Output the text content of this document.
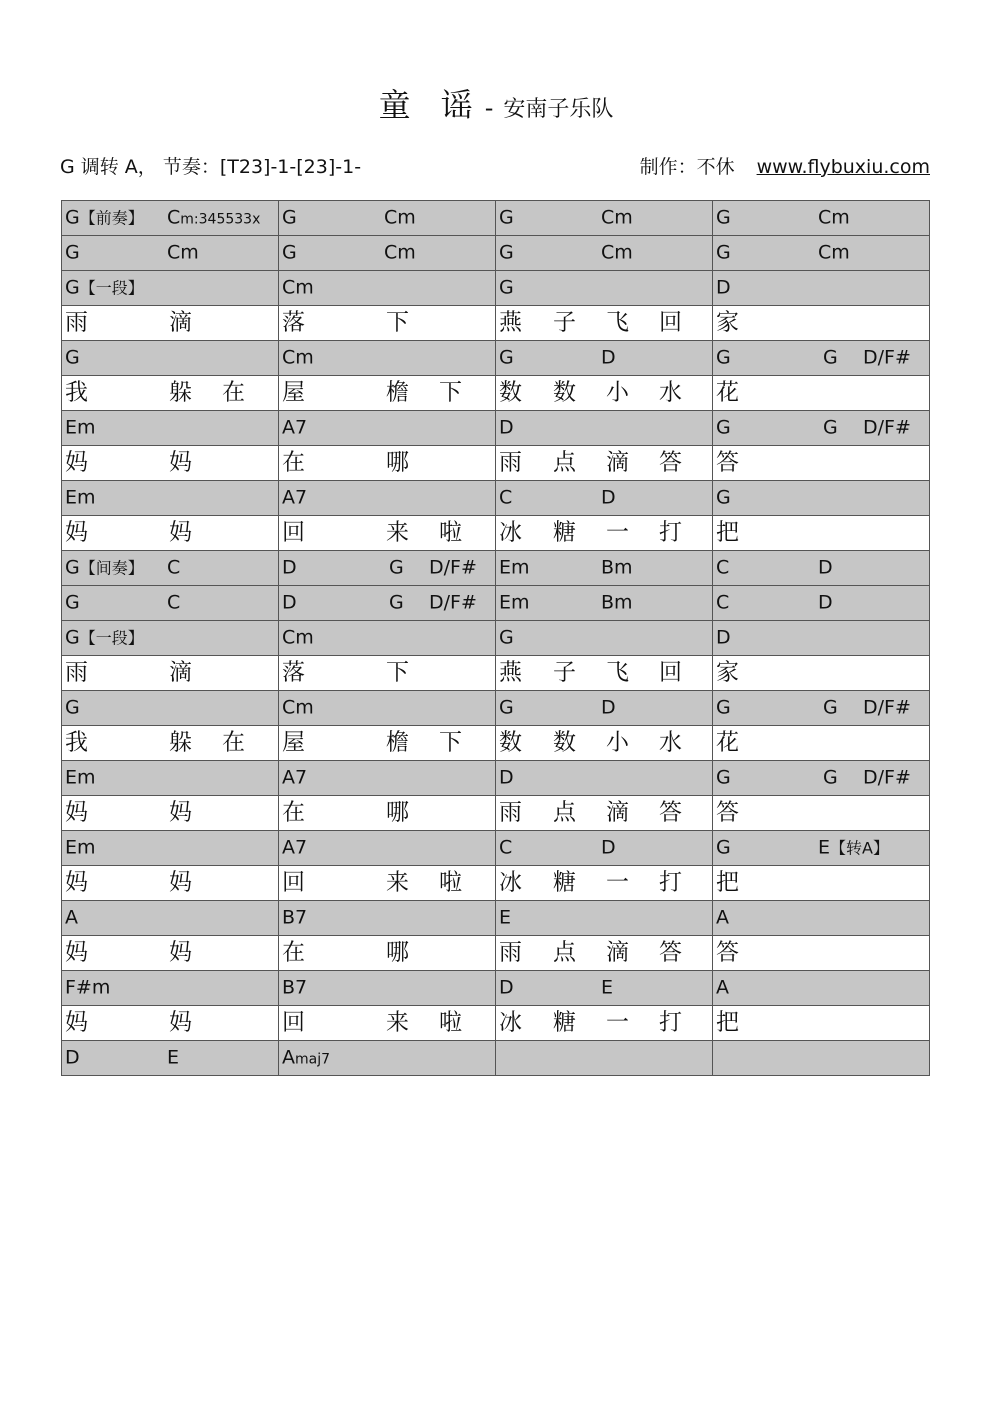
童 谣- 安南子乐队
G 调转 A， 节奏：[T23]-1-[23]-1-	制作：不休 www.flybuxiu.com
G【前奏】 Cm:345533x	G Cm	G Cm	G Cm

G Cm	G Cm	G Cm	G Cm

G【一段】	Cm	G	D

雨 滴	落 下	燕 子 飞 回	家

G	Cm	G D	G G D/F#

我 躲 在	屋 檐 下	数 数 小 水	花

Em	A7	D	G G D/F#

妈 妈	在 哪	雨 点 滴 答	答

Em	A7	C D	G

妈 妈	回 来 啦	冰 糖 一 打	把

G【间奏】 C	D G D/F#	Em Bm	C D

G C	D G D/F#	Em Bm	C D

G【一段】	Cm	G	D

雨 滴	落 下	燕 子 飞 回	家

G	Cm	G D	G G D/F#

我 躲 在	屋 檐 下	数 数 小 水	花

Em	A7	D	G G D/F#

妈 妈	在 哪	雨 点 滴 答	答

Em	A7	C D	G E【转A】

妈 妈	回 来 啦	冰 糖 一 打	把

A	B7	E	A

妈 妈	在 哪	雨 点 滴 答	答

F#m	B7	D E	A

妈 妈	回 来 啦	冰 糖 一 打	把

D E	Amaj7		
